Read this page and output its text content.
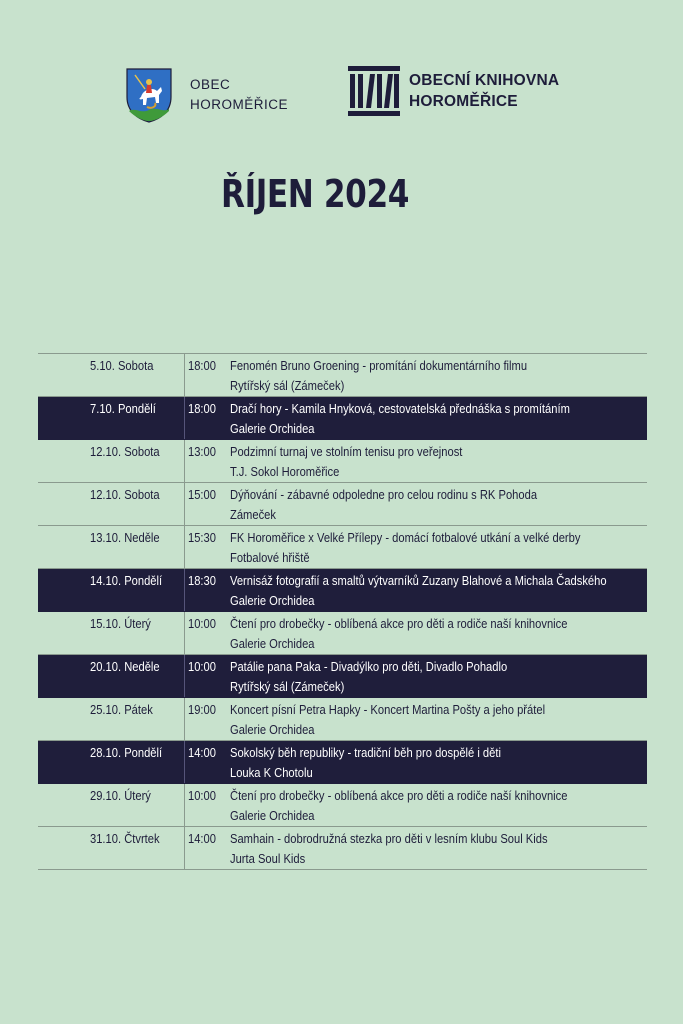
OBEC
HOROMĚŘICE
OBECNÍ KNIHOVNA
HOROMĚŘICE
ŘÍJEN 2024
5.10. Sobota	18:00	Fenomén Bruno Groening - promítání dokumentárního filmu
Rytířský sál (Zámeček)
7.10. Pondělí	18:00	Dračí hory - Kamila Hnyková, cestovatelská přednáška s promítáním
Galerie Orchidea
12.10. Sobota	13:00	Podzimní turnaj ve stolním tenisu pro veřejnost
T.J. Sokol Horoměřice
12.10. Sobota	15:00	Dýňování - zábavné odpoledne pro celou rodinu s RK Pohoda
Zámeček
13.10. Neděle	15:30	FK Horoměřice x Velké Přílepy - domácí fotbalové utkání a velké derby
Fotbalové hřiště
14.10. Pondělí	18:30	Vernisáž fotografií a smaltů výtvarníků Zuzany Blahové a Michala Čadského
Galerie Orchidea
15.10. Úterý	10:00	Čtení pro drobečky - oblíbená akce pro děti a rodiče naší knihovnice
Galerie Orchidea
20.10. Neděle	10:00	Patálie pana Paka - Divadýlko pro děti, Divadlo Pohadlo
Rytířský sál (Zámeček)
25.10. Pátek	19:00	Koncert písní Petra Hapky - Koncert Martina Pošty a jeho přátel
Galerie Orchidea
28.10. Pondělí	14:00	Sokolský běh republiky - tradiční běh pro dospělé i děti
Louka K Chotolu
29.10. Úterý	10:00	Čtení pro drobečky - oblíbená akce pro děti a rodiče naší knihovnice
Galerie Orchidea
31.10. Čtvrtek	14:00	Samhain - dobrodružná stezka pro děti v lesním klubu Soul Kids
Jurta Soul Kids
